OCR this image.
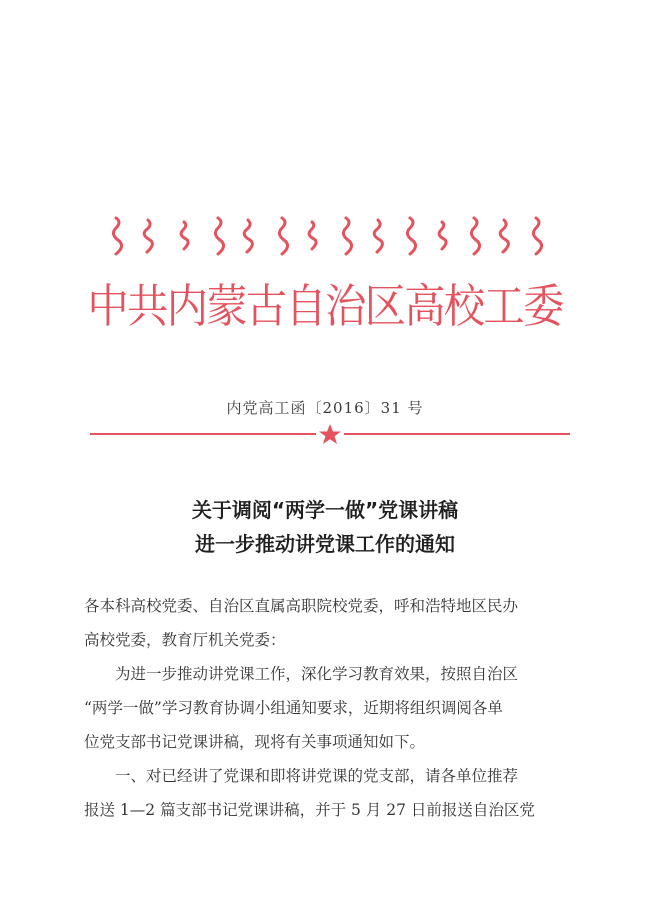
中共内蒙古自治区高校工委
内党高工函〔2016〕31 号
关于调阅“两学一做”党课讲稿
进一步推动讲党课工作的通知
各本科高校党委、自治区直属高职院校党委，呼和浩特地区民办
高校党委，教育厅机关党委：
为进一步推动讲党课工作，深化学习教育效果，按照自治区
“两学一做”学习教育协调小组通知要求，近期将组织调阅各单
位党支部书记党课讲稿，现将有关事项通知如下。
一、对已经讲了党课和即将讲党课的党支部，请各单位推荐
报送 1—2 篇支部书记党课讲稿，并于 5 月 27 日前报送自治区党
